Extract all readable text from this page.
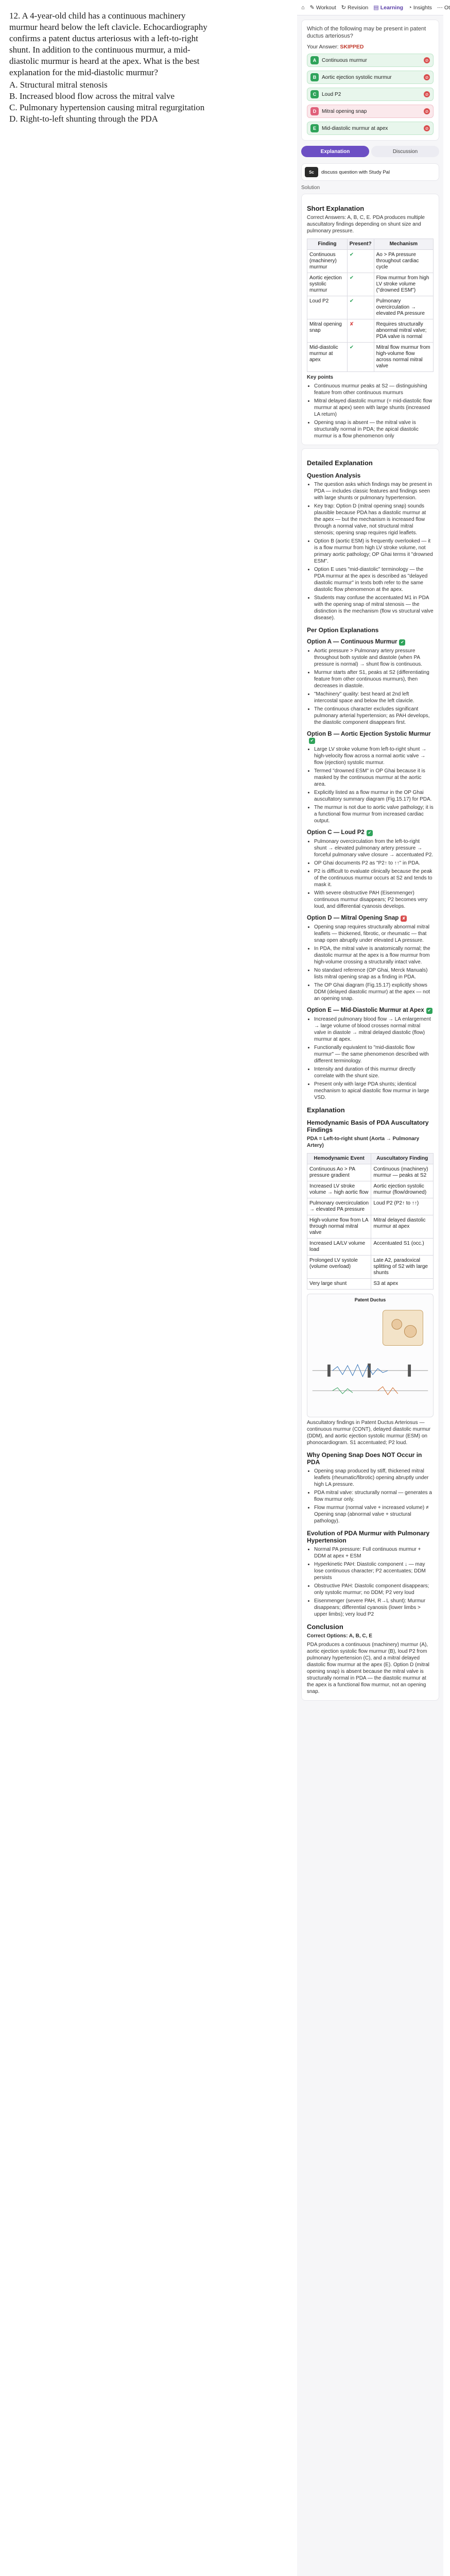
12. A 4-year-old child has a continuous machinery murmur heard below the left clavicle. Echocardiography confirms a patent ductus arteriosus with a left-to-right shunt. In addition to the continuous murmur, a mid-diastolic murmur is heard at the apex. What is the best explanation for the mid-diastolic murmur?

A. Structural mitral stenosis
B. Increased blood flow across the mitral valve
C. Pulmonary hypertension causing mitral regurgitation
D. Right-to-left shunting through the PDA
⌂ ✎ Workout ↻ Revision ▤ Learning ◔ Insights ⋯ Ot
Which of the following may be present in patent ductus arteriosus?
Your Answer: SKIPPED
A	Continuous murmur	⊘
B	Aortic ejection systolic murmur	⊘
C	Loud P2	⊘
D	Mitral opening snap	⊘
E	Mid-diastolic murmur at apex	⊘
Explanation	Discussion
Sc	discuss question with Study Pal
Solution
Short Explanation
Correct Answers: A, B, C, E. PDA produces multiple auscultatory findings depending on shunt size and pulmonary pressure.
Finding	Present?	Mechanism
Continuous (machinery) murmur	✔	Ao > PA pressure throughout cardiac cycle
Aortic ejection systolic murmur	✔	Flow murmur from high LV stroke volume ("drowned ESM")
Loud P2	✔	Pulmonary overcirculation → elevated PA pressure
Mitral opening snap	✘	Requires structurally abnormal mitral valve; PDA valve is normal
Mid-diastolic murmur at apex	✔	Mitral flow murmur from high-volume flow across normal mitral valve
Key points
• Continuous murmur peaks at S2 — distinguishing feature from other continuous murmurs
• Mitral delayed diastolic murmur (= mid-diastolic flow murmur at apex) seen with large shunts (increased LA return)
• Opening snap is absent — the mitral valve is structurally normal in PDA; the apical diastolic murmur is a flow phenomenon only
Detailed Explanation
Question Analysis
• The question asks which findings may be present in PDA — includes classic features and findings seen with large shunts or pulmonary hypertension.
• Key trap: Option D (mitral opening snap) sounds plausible because PDA has a diastolic murmur at the apex — but the mechanism is increased flow through a normal valve, not structural mitral stenosis; opening snap requires rigid leaflets.
• Option B (aortic ESM) is frequently overlooked — it is a flow murmur from high LV stroke volume, not primary aortic pathology; OP Ghai terms it "drowned ESM".
• Option E uses "mid-diastolic" terminology — the PDA murmur at the apex is described as "delayed diastolic murmur" in texts both refer to the same diastolic flow phenomenon at the apex.
• Students may confuse the accentuated M1 in PDA with the opening snap of mitral stenosis — the distinction is the mechanism (flow vs structural valve disease).
Per Option Explanations
Option A — Continuous Murmur ✔
• Aortic pressure > Pulmonary artery pressure throughout both systole and diastole (when PA pressure is normal) → shunt flow is continuous.
• Murmur starts after S1, peaks at S2 (differentiating feature from other continuous murmurs), then decreases in diastole.
• "Machinery" quality: best heard at 2nd left intercostal space and below the left clavicle.
• The continuous character excludes significant pulmonary arterial hypertension; as PAH develops, the diastolic component disappears first.
Option B — Aortic Ejection Systolic Murmur✔
• Large LV stroke volume from left-to-right shunt → high-velocity flow across a normal aortic valve → flow (ejection) systolic murmur.
• Termed "drowned ESM" in OP Ghai because it is masked by the continuous murmur at the aortic area.
• Explicitly listed as a flow murmur in the OP Ghai auscultatory summary diagram (Fig.15.17) for PDA.
• The murmur is not due to aortic valve pathology; it is a functional flow murmur from increased cardiac output.
Option C — Loud P2 ✔
• Pulmonary overcirculation from the left-to-right shunt → elevated pulmonary artery pressure → forceful pulmonary valve closure → accentuated P2.
• OP Ghai documents P2 as "P2↑ to ↑↑" in PDA.
• P2 is difficult to evaluate clinically because the peak of the continuous murmur occurs at S2 and tends to mask it.
• With severe obstructive PAH (Eisenmenger) continuous murmur disappears; P2 becomes very loud, and differential cyanosis develops.
Option D — Mitral Opening Snap ✘
• Opening snap requires structurally abnormal mitral leaflets — thickened, fibrotic, or rheumatic — that snap open abruptly under elevated LA pressure.
• In PDA, the mitral valve is anatomically normal; the diastolic murmur at the apex is a flow murmur from high-volume crossing a structurally intact valve.
• No standard reference (OP Ghai, Merck Manuals) lists mitral opening snap as a finding in PDA.
• The OP Ghai diagram (Fig.15.17) explicitly shows DDM (delayed diastolic murmur) at the apex — not an opening snap.
Option E — Mid-Diastolic Murmur at Apex ✔
• Increased pulmonary blood flow → LA enlargement → large volume of blood crosses normal mitral valve in diastole → mitral delayed diastolic (flow) murmur at apex.
• Functionally equivalent to "mid-diastolic flow murmur" — the same phenomenon described with different terminology.
• Intensity and duration of this murmur directly correlate with the shunt size.
• Present only with large PDA shunts; identical mechanism to apical diastolic flow murmur in large VSD.
Explanation
Hemodynamic Basis of PDA Auscultatory Findings
PDA = Left-to-right shunt (Aorta → Pulmonary Artery)
Hemodynamic Event	Auscultatory Finding
Continuous Ao > PA pressure gradient	Continuous (machinery) murmur — peaks at S2
Increased LV stroke volume → high aortic flow	Aortic ejection systolic murmur (flow/drowned)
Pulmonary overcirculation → elevated PA pressure	Loud P2 (P2↑ to ↑↑)
High-volume flow from LA through normal mitral valve	Mitral delayed diastolic murmur at apex
Increased LA/LV volume load	Accentuated S1 (occ.)
Prolonged LV systole (volume overload)	Late A2, paradoxical splitting of S2 with large shunts
Very large shunt	S3 at apex
Patent Ductus
Auscultatory findings in Patent Ductus Arteriosus — continuous murmur (CONT), delayed diastolic murmur (DDM), and aortic ejection systolic murmur (ESM) on phonocardiogram. S1 accentuated; P2 loud.
Why Opening Snap Does NOT Occur in PDA
• Opening snap produced by stiff, thickened mitral leaflets (rheumatic/fibrotic) opening abruptly under high LA pressure.
• PDA mitral valve: structurally normal — generates a flow murmur only.
• Flow murmur (normal valve + increased volume) ≠ Opening snap (abnormal valve + structural pathology).
Evolution of PDA Murmur with Pulmonary Hypertension
• Normal PA pressure: Full continuous murmur + DDM at apex + ESM
• Hyperkinetic PAH: Diastolic component ↓ — may lose continuous character; P2 accentuates; DDM persists
• Obstructive PAH: Diastolic component disappears; only systolic murmur; no DDM; P2 very loud
• Eisenmenger (severe PAH, R→L shunt): Murmur disappears; differential cyanosis (lower limbs > upper limbs); very loud P2
Conclusion
Correct Options: A, B, C, E
PDA produces a continuous (machinery) murmur (A), aortic ejection systolic flow murmur (B), loud P2 from pulmonary hypertension (C), and a mitral delayed diastolic flow murmur at the apex (E). Option D (mitral opening snap) is absent because the mitral valve is structurally normal in PDA — the diastolic murmur at the apex is a functional flow murmur, not an opening snap.
